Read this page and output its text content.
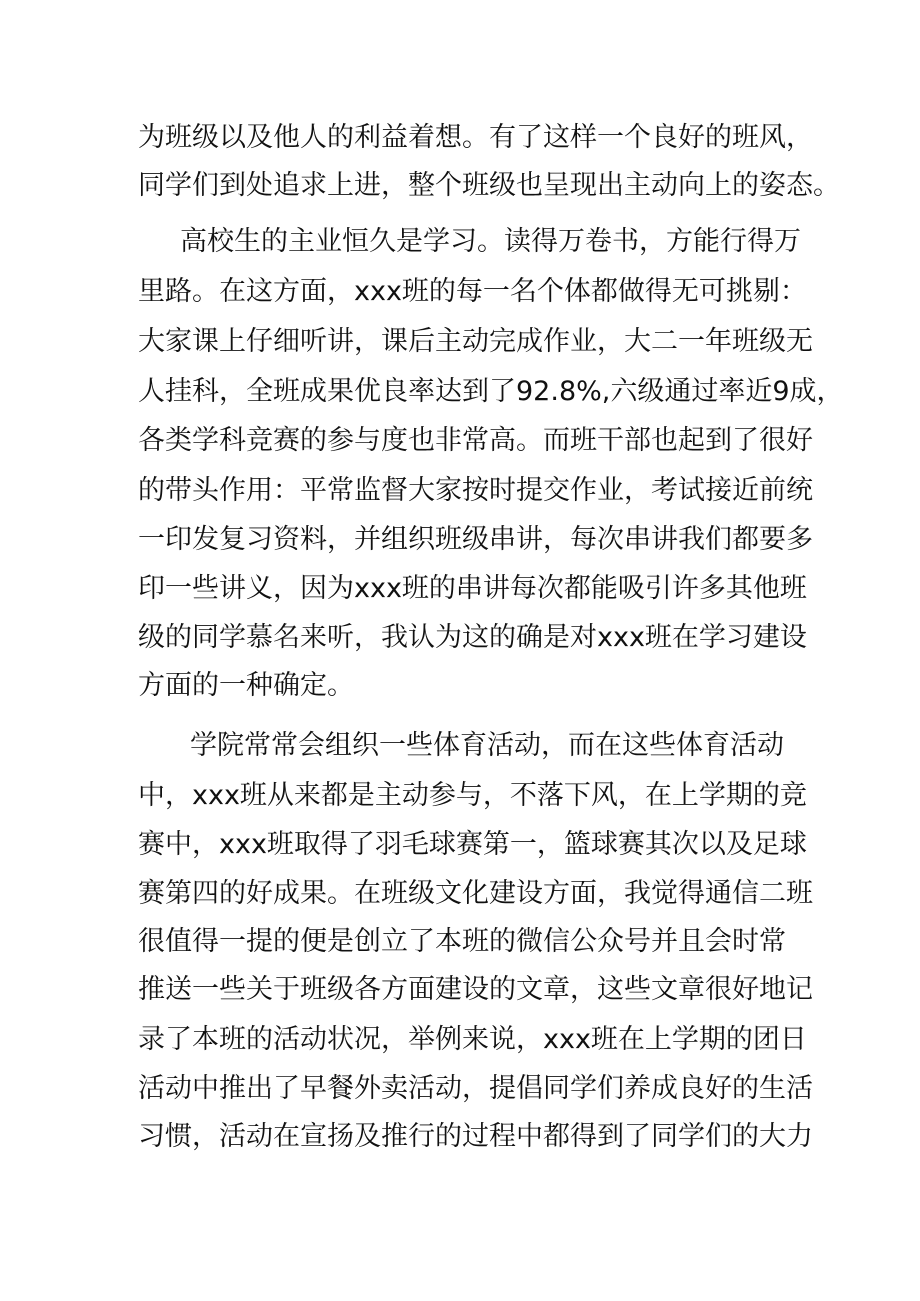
为班级以及他人的利益着想。有了这样一个良好的班风，
同学们到处追求上进，整个班级也呈现出主动向上的姿态。
高校生的主业恒久是学习。读得万卷书，方能行得万
里路。在这方面，xxx班的每一名个体都做得无可挑剔：
大家课上仔细听讲，课后主动完成作业，大二一年班级无
人挂科，全班成果优良率达到了92.8%,六级通过率近9成，
各类学科竞赛的参与度也非常高。而班干部也起到了很好
的带头作用：平常监督大家按时提交作业，考试接近前统
一印发复习资料，并组织班级串讲，每次串讲我们都要多
印一些讲义，因为xxx班的串讲每次都能吸引许多其他班
级的同学慕名来听，我认为这的确是对xxx班在学习建设
方面的一种确定。
学院常常会组织一些体育活动，而在这些体育活动
中，xxx班从来都是主动参与，不落下风，在上学期的竞
赛中，xxx班取得了羽毛球赛第一，篮球赛其次以及足球
赛第四的好成果。在班级文化建设方面，我觉得通信二班
很值得一提的便是创立了本班的微信公众号并且会时常
推送一些关于班级各方面建设的文章，这些文章很好地记
录了本班的活动状况，举例来说，xxx班在上学期的团日
活动中推出了早餐外卖活动，提倡同学们养成良好的生活
习惯，活动在宣扬及推行的过程中都得到了同学们的大力
